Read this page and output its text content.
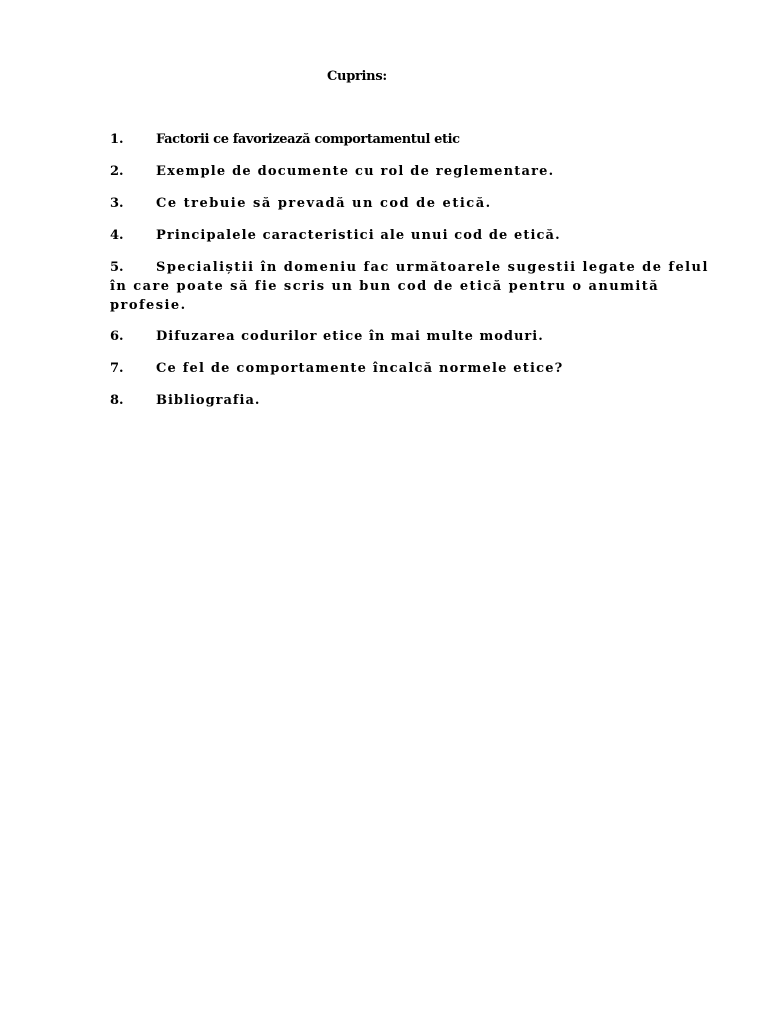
Cuprins:
1. Factorii ce favorizează comportamentul etic
2. Exemple de documente cu rol de reglementare.
3. Ce trebuie să prevadă un cod de etică.
4. Principalele caracteristici ale unui cod de etică.
5. Specialiștii în domeniu fac următoarele sugestii legate de felul în care poate să fie scris un bun cod de etică pentru o anumită profesie.
6. Difuzarea codurilor etice în mai multe moduri.
7. Ce fel de comportamente încalcă normele etice?
8. Bibliografia.
